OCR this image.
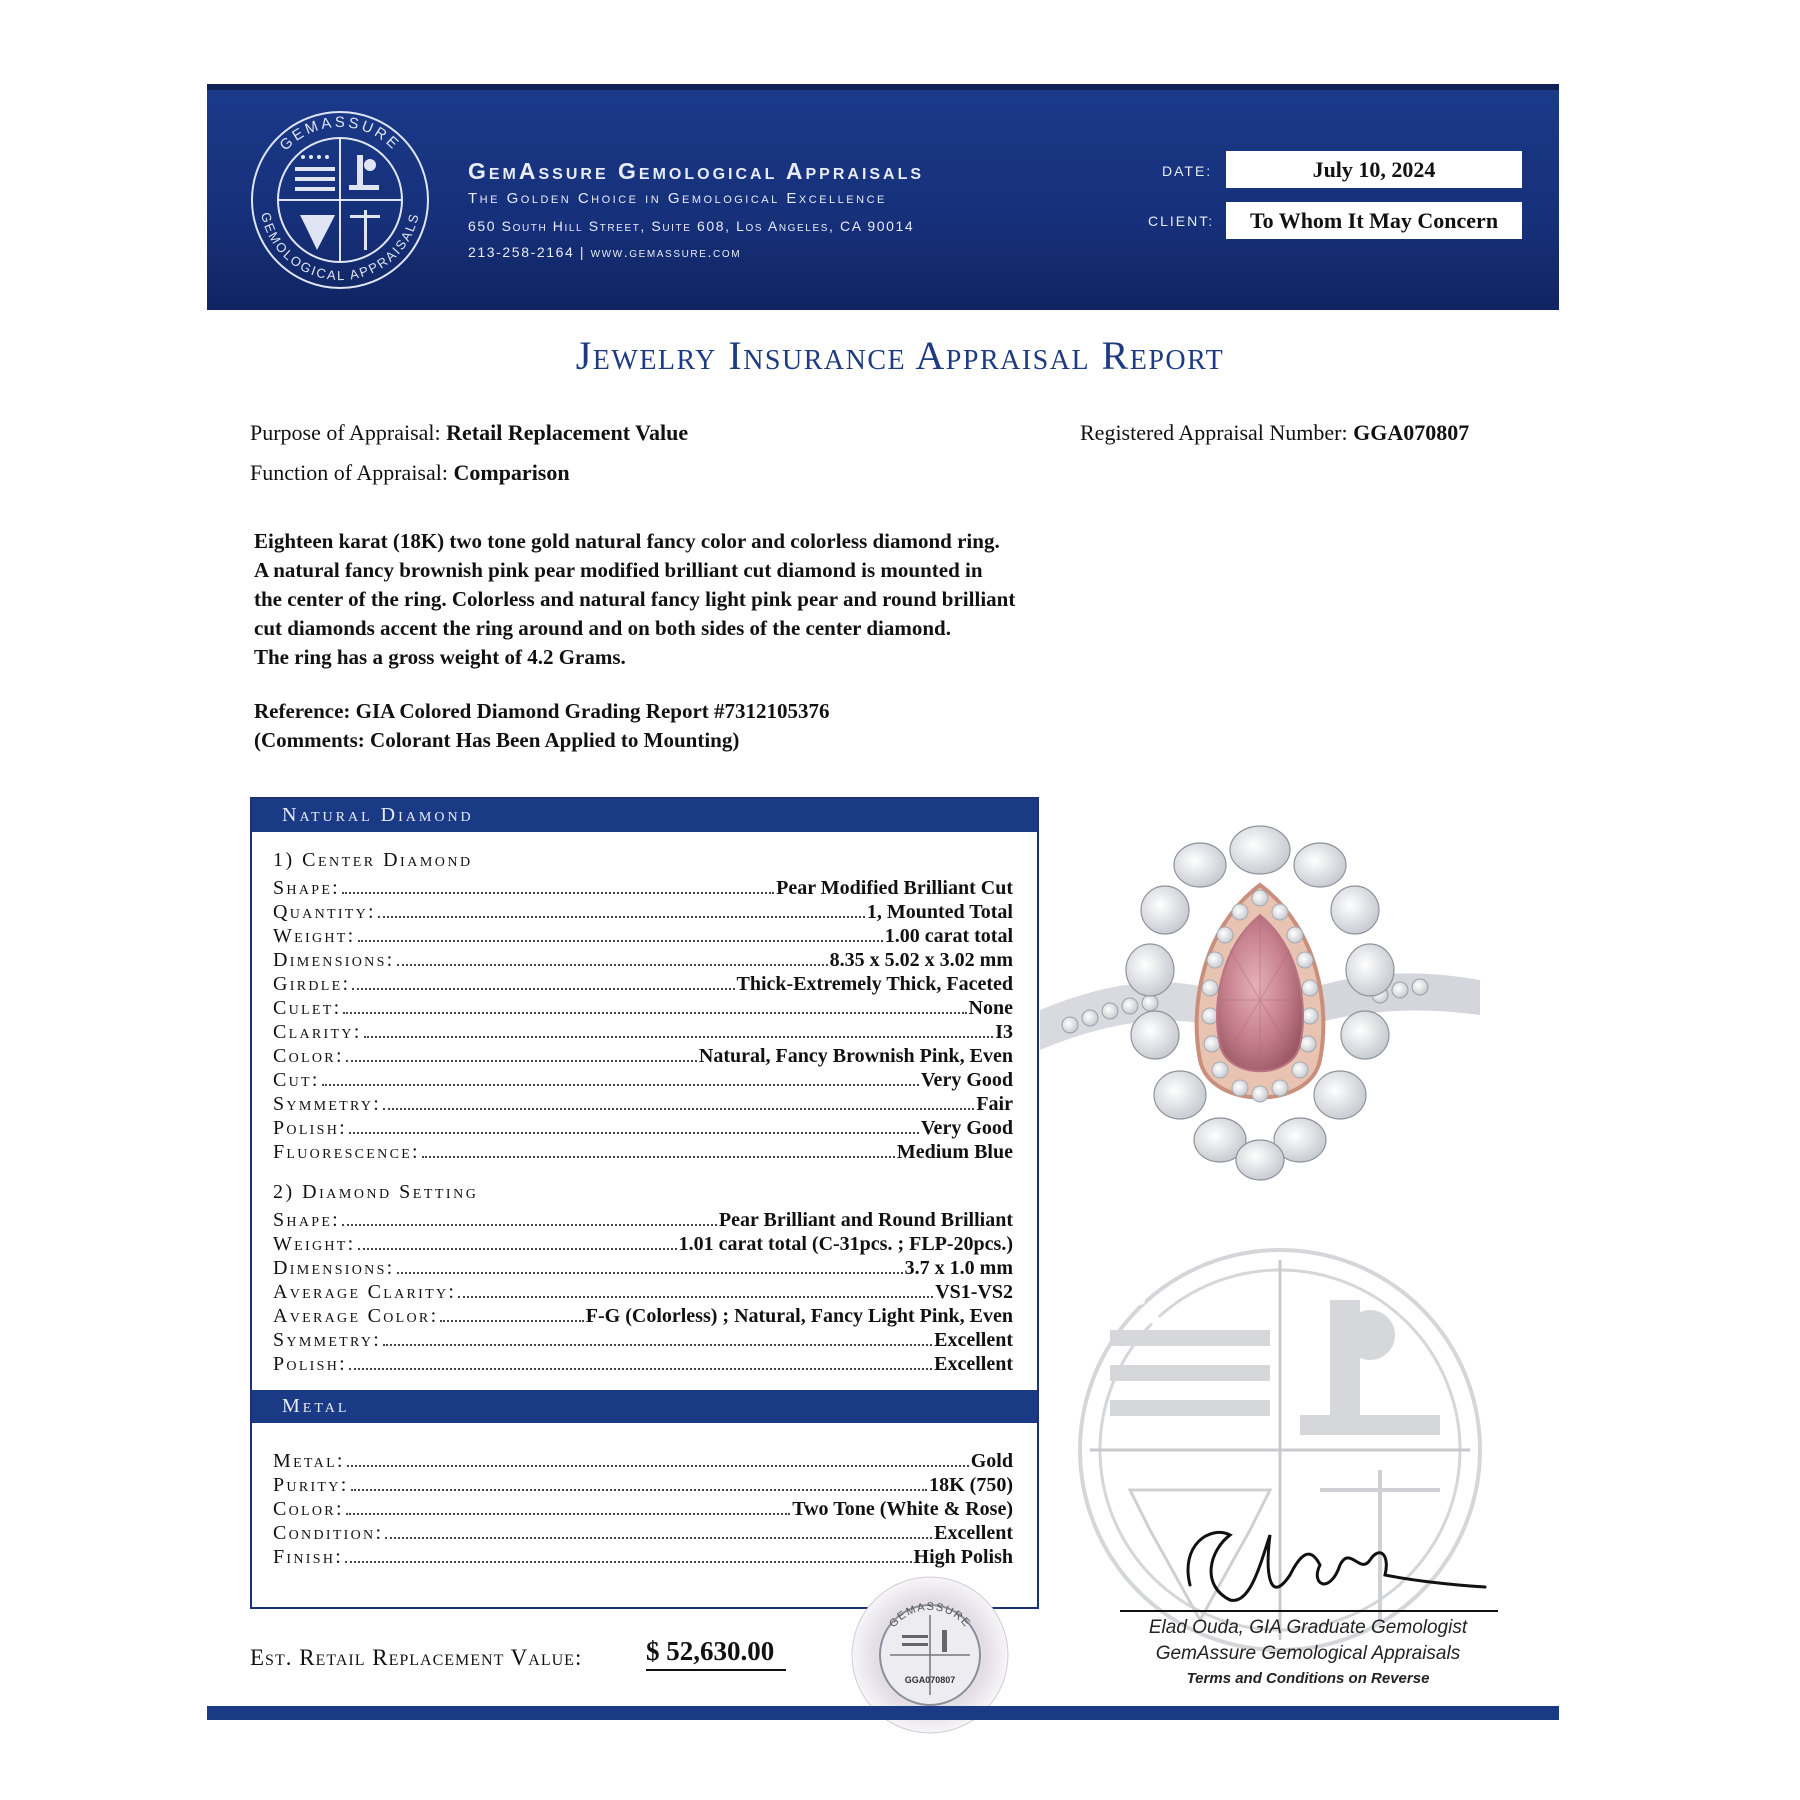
GEMASSURE
GEMOLOGICAL APPRAISALS
GemAssure Gemological Appraisals
The Golden Choice in Gemological Excellence
650 South Hill Street, Suite 608, Los Angeles, CA 90014
213-258-2164 | www.gemassure.com
DATE:	July 10, 2024
CLIENT:	To Whom It May Concern
Jewelry Insurance Appraisal Report
Purpose of Appraisal: Retail Replacement Value
Function of Appraisal: Comparison
Registered Appraisal Number: GGA070807

Eighteen karat (18K) two tone gold natural fancy color and colorless diamond ring.

A natural fancy brownish pink pear modified brilliant cut diamond is mounted in

the center of the ring. Colorless and natural fancy light pink pear and round brilliant

cut diamonds accent the ring around and on both sides of the center diamond.

The ring has a gross weight of 4.2 Grams.

Reference: GIA Colored Diamond Grading Report #7312105376

(Comments: Colorant Has Been Applied to Mounting)

Natural Diamond
1) Center Diamond
Shape:	Pear Modified Brilliant Cut
Quantity:	1, Mounted Total
Weight:	1.00 carat total
Dimensions:	8.35 x 5.02 x 3.02 mm
Girdle:	Thick-Extremely Thick, Faceted
Culet:	None
Clarity:	I3
Color:	Natural, Fancy Brownish Pink, Even
Cut:	Very Good
Symmetry:	Fair
Polish:	Very Good
Fluorescence:	Medium Blue
2) Diamond Setting
Shape:	Pear Brilliant and Round Brilliant
Weight:	1.01 carat total (C-31pcs. ; FLP-20pcs.)
Dimensions:	3.7 x 1.0 mm
Average Clarity:	VS1-VS2
Average Color:	F-G (Colorless) ; Natural, Fancy Light Pink, Even
Symmetry:	Excellent
Polish:	Excellent
Metal
Metal:	Gold
Purity:	18K (750)
Color:	Two Tone (White & Rose)
Condition:	Excellent
Finish:	High Polish
Elad Ouda, GIA Graduate Gemologist
GemAssure Gemological Appraisals
Terms and Conditions on Reverse
Est. Retail Replacement Value: $ 52,630.00
GEMASSURE
GGA070807
